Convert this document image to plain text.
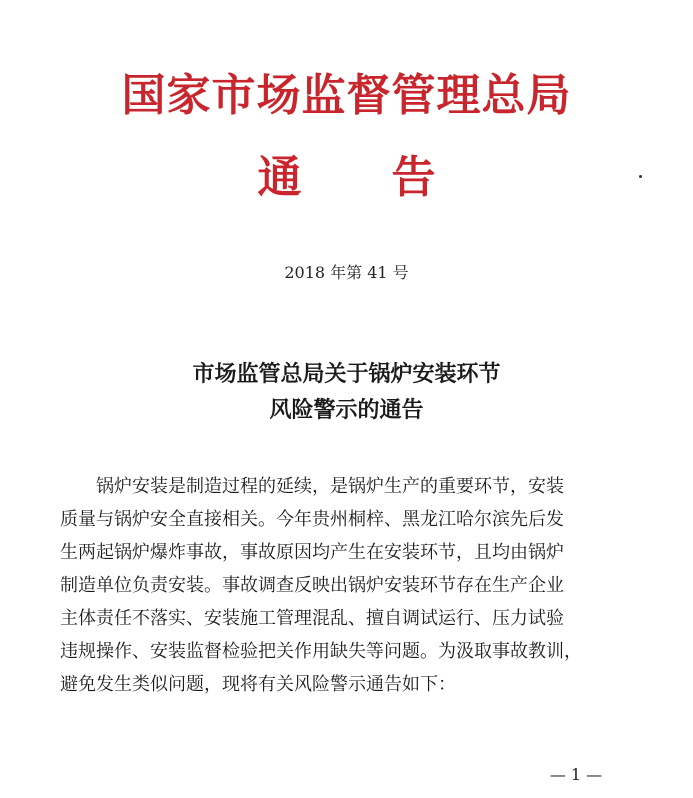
国家市场监督管理总局
通告
2018 年第 41 号
市场监管总局关于锅炉安装环节
风险警示的通告

　　锅炉安装是制造过程的延续，是锅炉生产的重要环节，安装

质量与锅炉安全直接相关。今年贵州桐梓、黑龙江哈尔滨先后发

生两起锅炉爆炸事故，事故原因均产生在安装环节，且均由锅炉

制造单位负责安装。事故调查反映出锅炉安装环节存在生产企业

主体责任不落实、安装施工管理混乱、擅自调试运行、压力试验

违规操作、安装监督检验把关作用缺失等问题。为汲取事故教训，

避免发生类似问题，现将有关风险警示通告如下：

— 1 —
